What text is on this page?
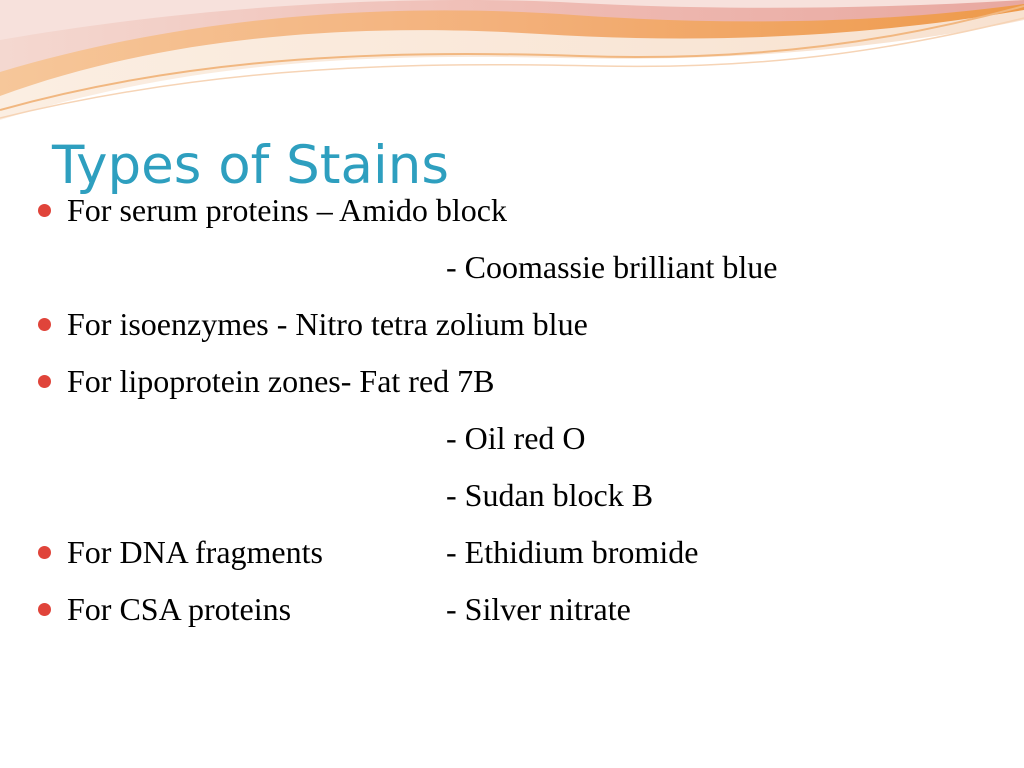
Types of Stains
For serum proteins – Amido block
- Coomassie brilliant blue
For isoenzymes - Nitro tetra zolium blue
For lipoprotein zones- Fat red 7B
- Oil red O
- Sudan block B
For DNA fragments	- Ethidium bromide
For CSA proteins	- Silver nitrate
